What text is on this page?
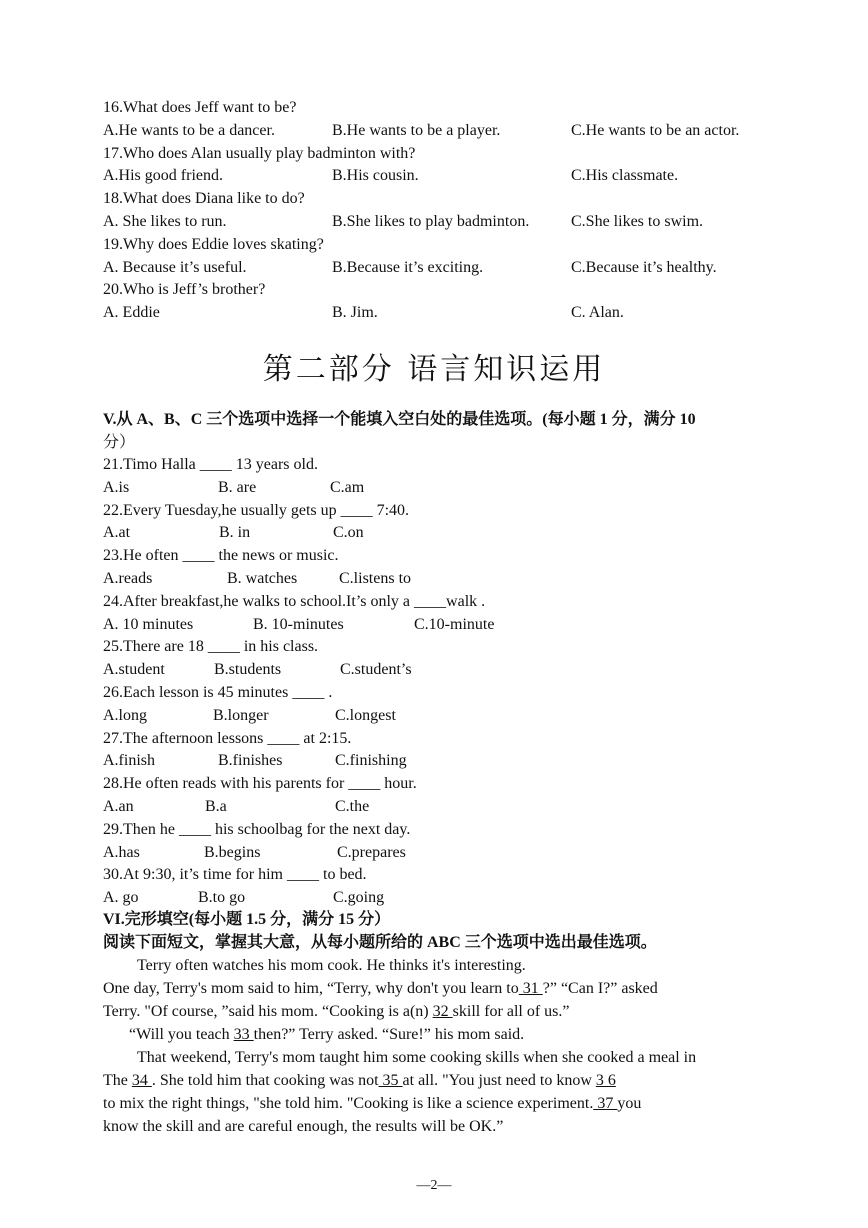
16.What does Jeff want to be?
A.He wants to be a dancer.	B.He wants to be a player.	C.He wants to be an actor.
17.Who does Alan usually play badminton with?
A.His good friend.	B.His cousin.	C.His classmate.
18.What does Diana like to do?
A. She likes to run.	B.She likes to play badminton.	C.She likes to swim.
19.Why does Eddie loves skating?
A. Because it’s useful.	B.Because it’s exciting.	C.Because it’s healthy.
20.Who is Jeff’s brother?
A. Eddie	B. Jim.	C. Alan.
第二部分 语言知识运用
V.从 A、B、C 三个选项中选择一个能填入空白处的最佳选项。(每小题 1 分，满分 10
分）
21.Timo Halla ____ 13 years old.
A.is	B. are	C.am
22.Every Tuesday,he usually gets up ____ 7:40.
A.at	B. in	C.on
23.He often ____ the news or music.
A.reads	B. watches	C.listens to
24.After breakfast,he walks to school.It’s only a ____walk .
A. 10 minutes	B. 10-minutes	C.10-minute
25.There are 18 ____ in his class.
A.student	B.students	C.student’s
26.Each lesson is 45 minutes ____ .
A.long	B.longer	C.longest
27.The afternoon lessons ____ at 2:15.
A.finish	B.finishes	C.finishing
28.He often reads with his parents for ____ hour.
A.an	B.a	C.the
29.Then he ____ his schoolbag for the next day.
A.has	B.begins	C.prepares
30.At 9:30, it’s time for him ____ to bed.
A. go	B.to go	C.going
VI.完形填空(每小题 1.5 分，满分 15 分）
阅读下面短文，掌握其大意，从每小题所给的 ABC 三个选项中选出最佳选项。
Terry often watches his mom cook. He thinks it's interesting.
One day, Terry's mom said to him, “Terry, why don't you learn to 31 ?” “Can I?” asked
Terry. "Of course, ”said his mom. “Cooking is a(n) 32 skill for all of us.”
“Will you teach 33 then?” Terry asked. “Sure!” his mom said.
That weekend, Terry's mom taught him some cooking skills when she cooked a meal in
The 34 . She told him that cooking was not 35 at all. "You just need to know 3 6
to mix the right things, "she told him. "Cooking is like a science experiment. 37 you
know the skill and are careful enough, the results will be OK.”
—2—
